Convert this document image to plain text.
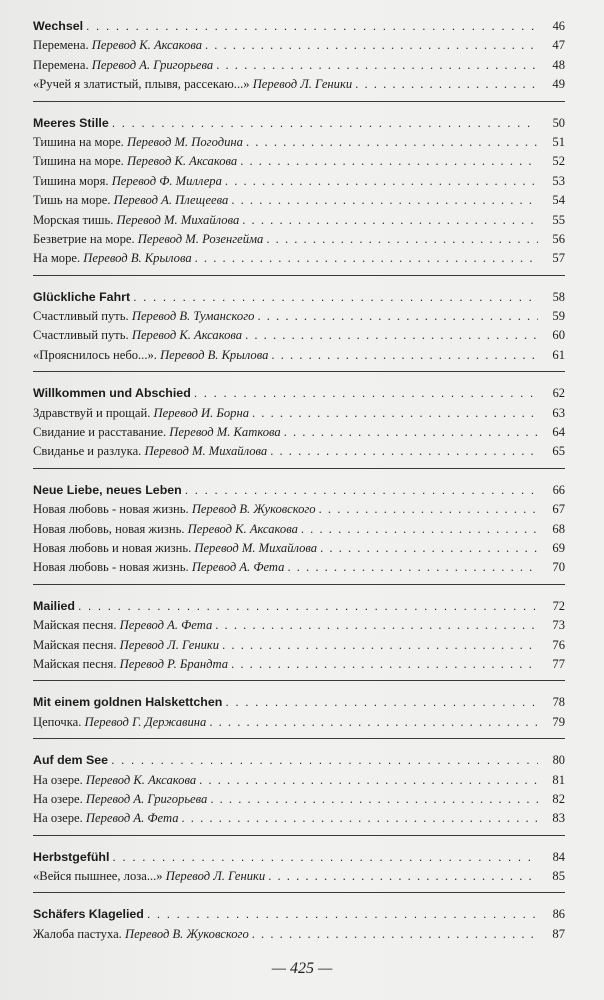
Wechsel . . .	46
Перемена. Перевод К. Аксакова . . .	47
Перемена. Перевод А. Григорьева . . .	48
«Ручей я златистый, плывя, рассекаю...» Перевод Л. Геники . . .	49
Meeres Stille . . .	50
Тишина на море. Перевод М. Погодина . . .	51
Тишина на море. Перевод К. Аксакова . . .	52
Тишина моря. Перевод Ф. Миллера . . .	53
Тишь на море. Перевод А. Плещеева . . .	54
Морская тишь. Перевод М. Михайлова . . .	55
Безветрие на море. Перевод М. Розенгейма . . .	56
На море. Перевод В. Крылова . . .	57
Glückliche Fahrt . . .	58
Счастливый путь. Перевод В. Туманского . . .	59
Счастливый путь. Перевод К. Аксакова . . .	60
«Прояснилось небо...». Перевод В. Крылова . . .	61
Willkommen und Abschied . . .	62
Здравствуй и прощай. Перевод И. Борна . . .	63
Свидание и расставание. Перевод М. Каткова . . .	64
Свиданье и разлука. Перевод М. Михайлова . . .	65
Neue Liebe, neues Leben . . .	66
Новая любовь - новая жизнь. Перевод В. Жуковского . . .	67
Новая любовь, новая жизнь. Перевод К. Аксакова . . .	68
Новая любовь и новая жизнь. Перевод М. Михайлова . . .	69
Новая любовь - новая жизнь. Перевод А. Фета . . .	70
Mailied . . .	72
Майская песня. Перевод А. Фета . . .	73
Майская песня. Перевод Л. Геники . . .	76
Майская песня. Перевод Р. Брандта . . .	77
Mit einem goldnen Halskettchen . . .	78
Цепочка. Перевод Г. Державина . . .	79
Auf dem See . . .	80
На озере. Перевод К. Аксакова . . .	81
На озере. Перевод А. Григорьева . . .	82
На озере. Перевод А. Фета . . .	83
Herbstgefühl . . .	84
«Вейся пышнее, лоза...» Перевод Л. Геники . . .	85
Schäfers Klagelied . . .	86
Жалоба пастуха. Перевод В. Жуковского . . .	87
— 425 —
